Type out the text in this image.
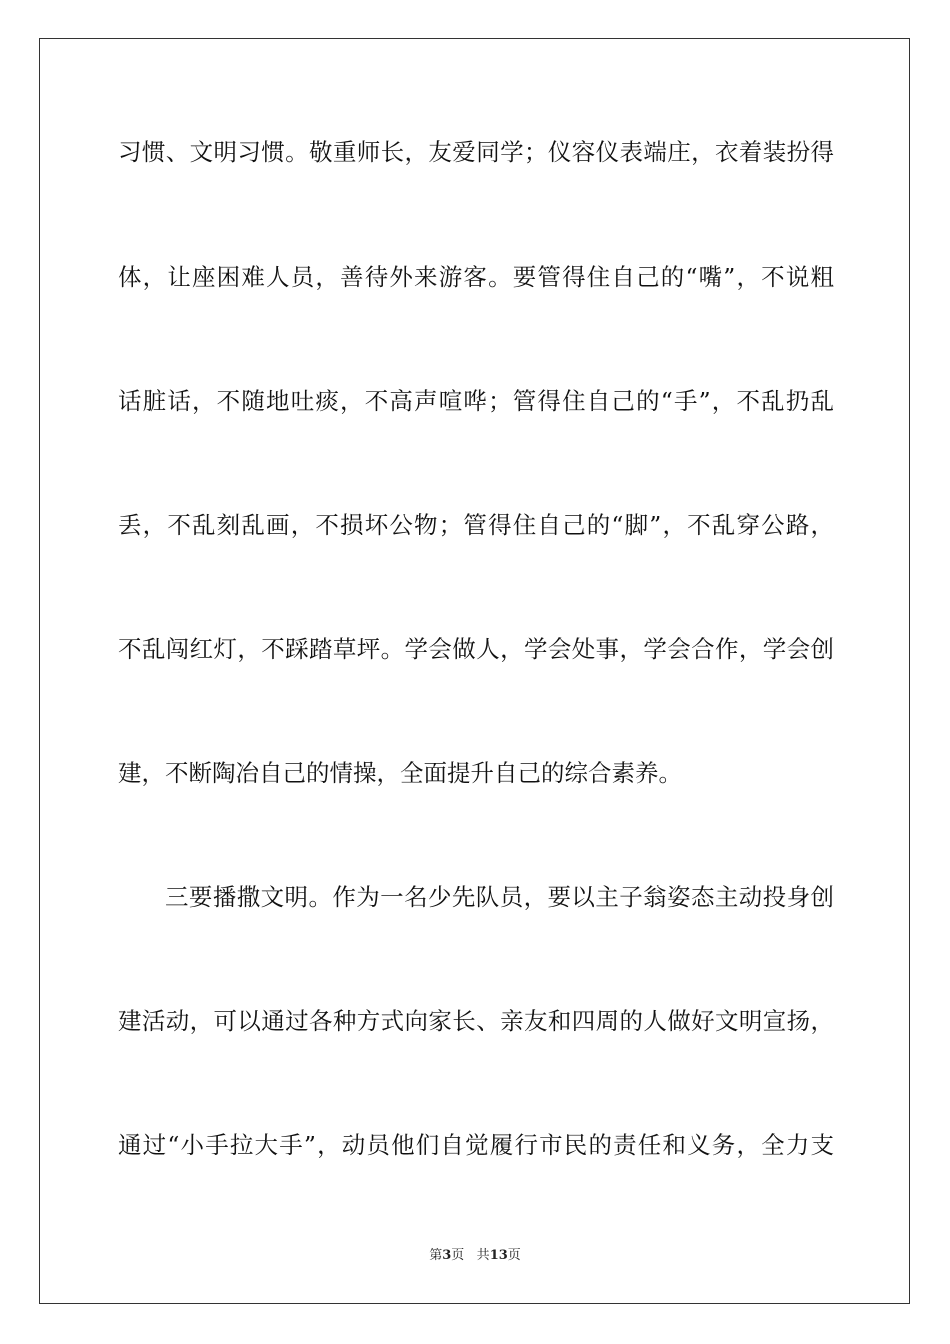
习惯、文明习惯。敬重师长，友爱同学；仪容仪表端庄，衣着装扮得
体，让座困难人员，善待外来游客。要管得住自己的“嘴”，不说粗
话脏话，不随地吐痰，不高声喧哗；管得住自己的“手”，不乱扔乱
丢，不乱刻乱画，不损坏公物；管得住自己的“脚”，不乱穿公路，
不乱闯红灯，不踩踏草坪。学会做人，学会处事，学会合作，学会创
建，不断陶冶自己的情操，全面提升自己的综合素养。
三要播撒文明。作为一名少先队员，要以主子翁姿态主动投身创
建活动，可以通过各种方式向家长、亲友和四周的人做好文明宣扬，
通过“小手拉大手”，动员他们自觉履行市民的责任和义务，全力支
第3页 共13页
